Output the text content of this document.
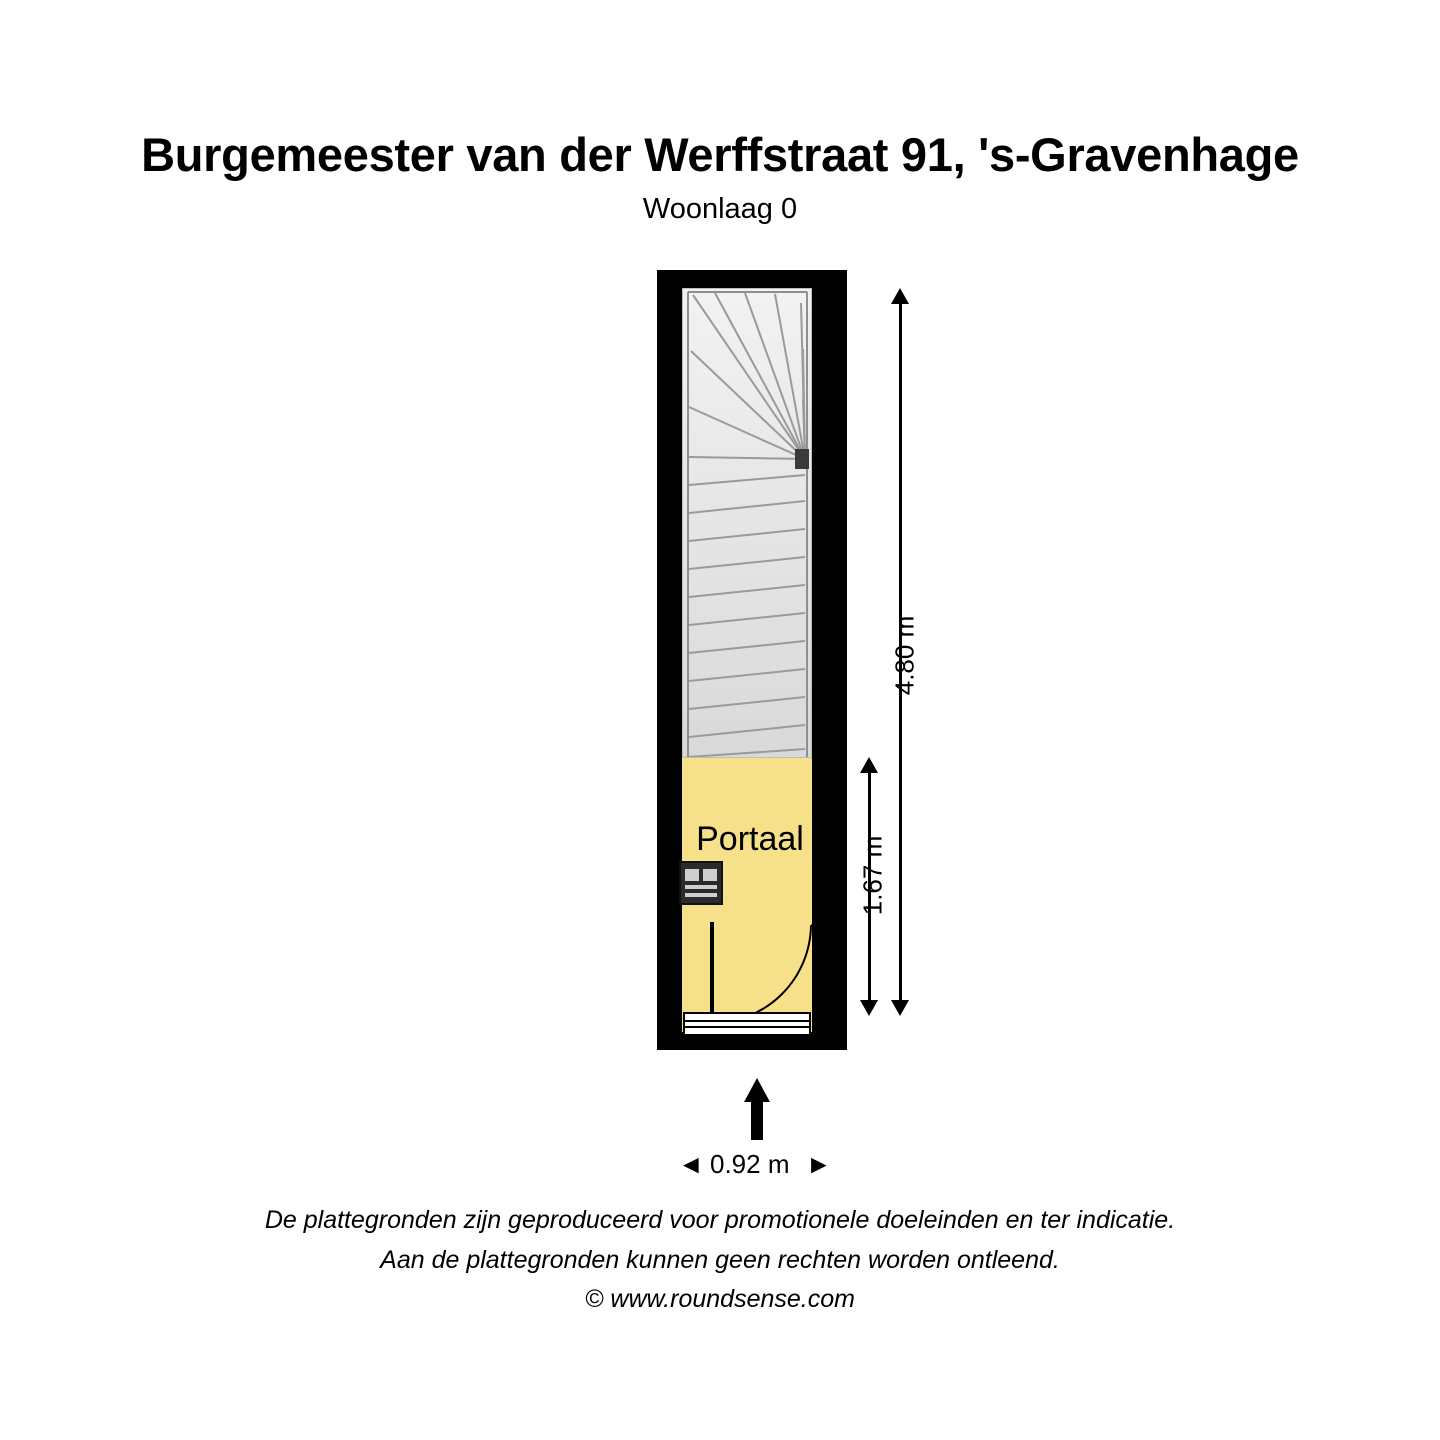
Burgemeester van der Werffstraat 91, 's-Gravenhage
Woonlaag 0
Portaal
4.80 m
1.67 m
◄ 0.92 m ►
De plattegronden zijn geproduceerd voor promotionele doeleinden en ter indicatie.
Aan de plattegronden kunnen geen rechten worden ontleend.
© www.roundsense.com
